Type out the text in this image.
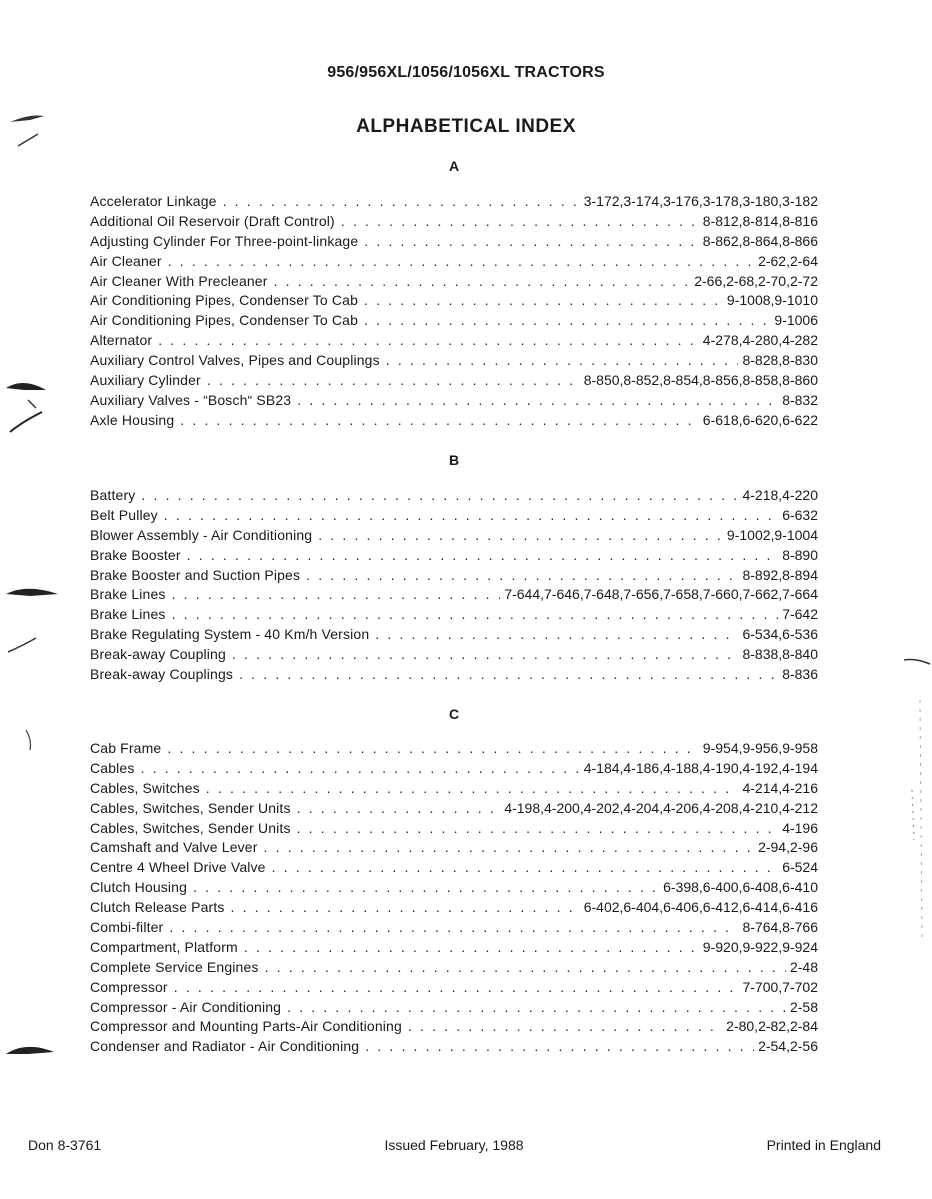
956/956XL/1056/1056XL TRACTORS
ALPHABETICAL INDEX
A
Accelerator Linkage . . .	3-172,3-174,3-176,3-178,3-180,3-182
Additional Oil Reservoir (Draft Control) . . .	8-812,8-814,8-816
Adjusting Cylinder For Three-point-linkage . . .	8-862,8-864,8-866
Air Cleaner . . .	2-62,2-64
Air Cleaner With Precleaner . . .	2-66,2-68,2-70,2-72
Air Conditioning Pipes, Condenser To Cab . . .	9-1008,9-1010
Air Conditioning Pipes, Condenser To Cab . . .	9-1006
Alternator . . .	4-278,4-280,4-282
Auxiliary Control Valves, Pipes and Couplings . . .	8-828,8-830
Auxiliary Cylinder . . .	8-850,8-852,8-854,8-856,8-858,8-860
Auxiliary Valves - “Bosch“ SB23 . . .	8-832
Axle Housing . . .	6-618,6-620,6-622
B
Battery . . .	4-218,4-220
Belt Pulley . . .	6-632
Blower Assembly - Air Conditioning . . .	9-1002,9-1004
Brake Booster . . .	8-890
Brake Booster and Suction Pipes . . .	8-892,8-894
Brake Lines . . .	7-644,7-646,7-648,7-656,7-658,7-660,7-662,7-664
Brake Lines . . .	7-642
Brake Regulating System - 40 Km/h Version . . .	6-534,6-536
Break-away Coupling . . .	8-838,8-840
Break-away Couplings . . .	8-836
C
Cab Frame . . .	9-954,9-956,9-958
Cables . . .	4-184,4-186,4-188,4-190,4-192,4-194
Cables, Switches . . .	4-214,4-216
Cables, Switches, Sender Units . . .	4-198,4-200,4-202,4-204,4-206,4-208,4-210,4-212
Cables, Switches, Sender Units . . .	4-196
Camshaft and Valve Lever . . .	2-94,2-96
Centre 4 Wheel Drive Valve . . .	6-524
Clutch Housing . . .	6-398,6-400,6-408,6-410
Clutch Release Parts . . .	6-402,6-404,6-406,6-412,6-414,6-416
Combi-filter . . .	8-764,8-766
Compartment, Platform . . .	9-920,9-922,9-924
Complete Service Engines . . .	2-48
Compressor . . .	7-700,7-702
Compressor - Air Conditioning . . .	2-58
Compressor and Mounting Parts-Air Conditioning . . .	2-80,2-82,2-84
Condenser and Radiator - Air Conditioning . . .	2-54,2-56
Don 8-3761	Issued February, 1988	Printed in England
